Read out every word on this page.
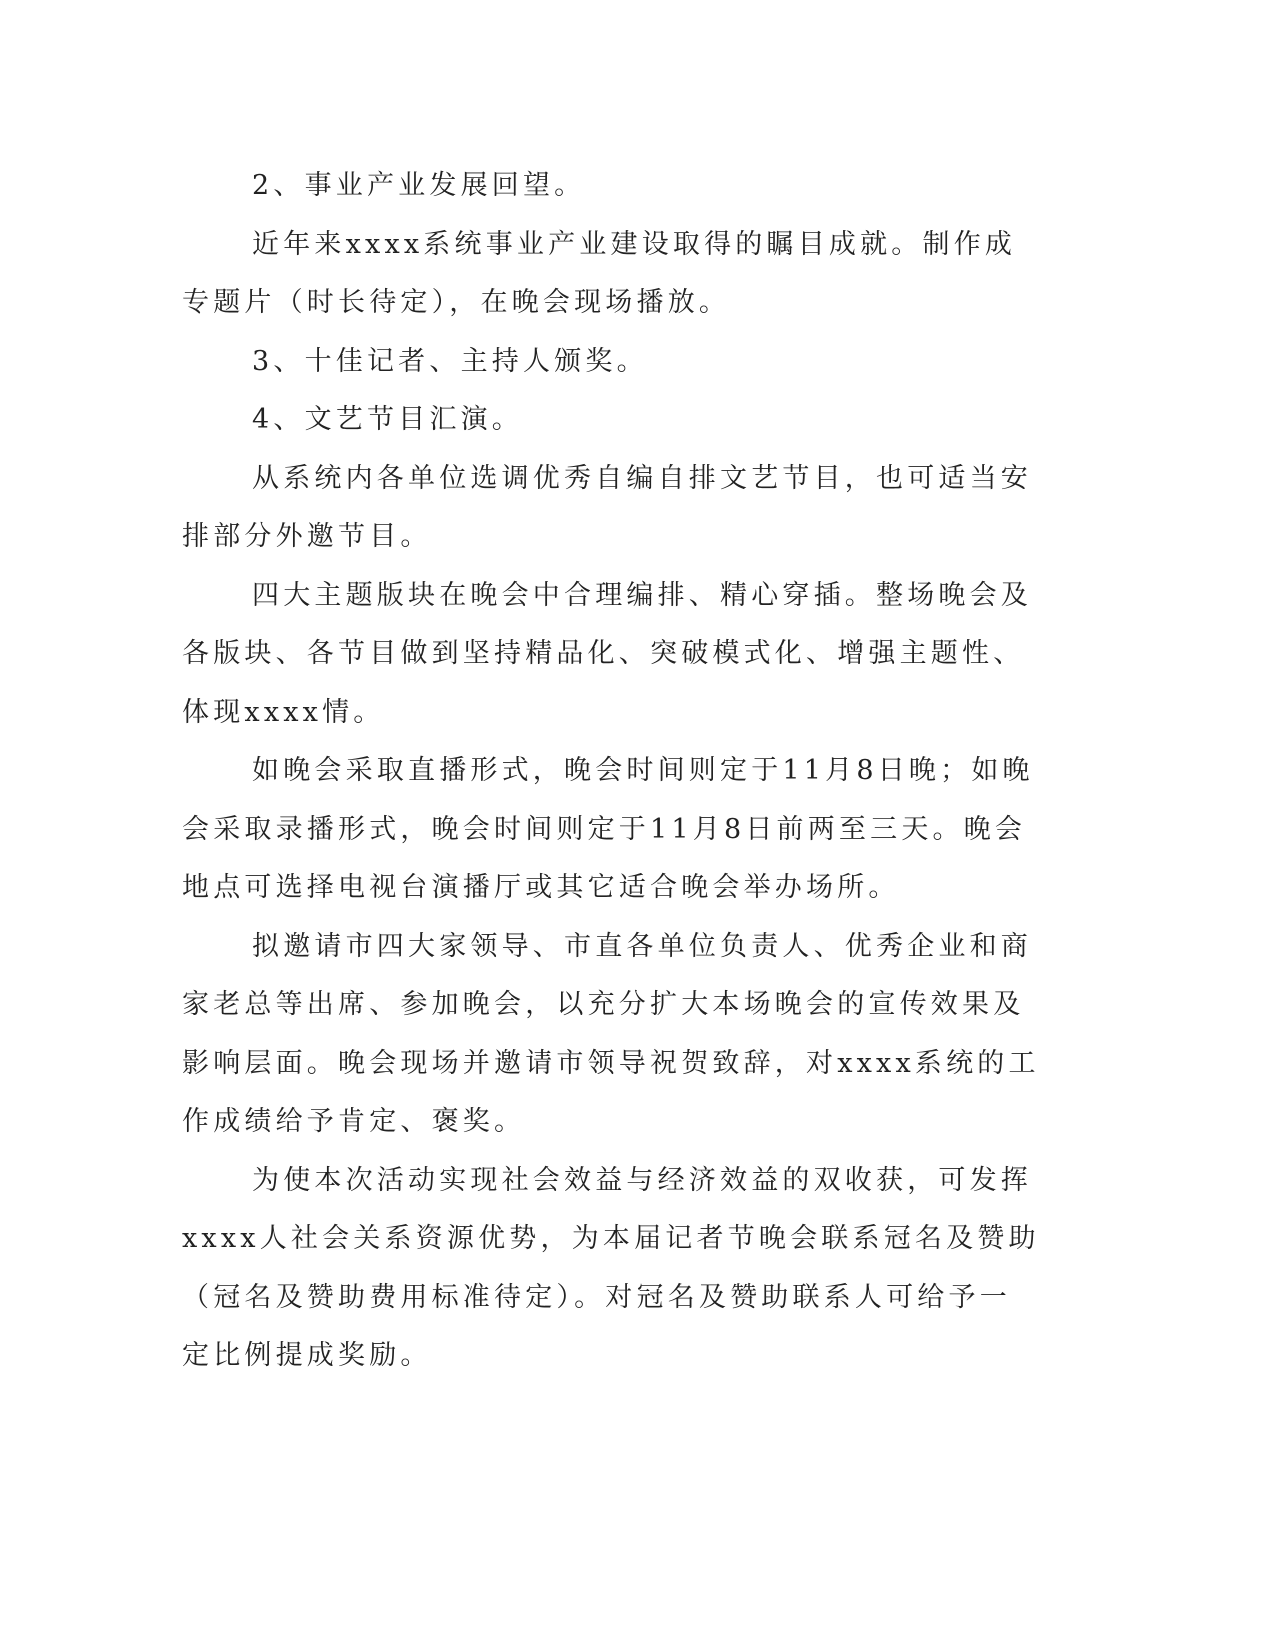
2、事业产业发展回望。

近年来xxxx系统事业产业建设取得的瞩目成就。制作成专题片（时长待定），在晚会现场播放。

3、十佳记者、主持人颁奖。

4、文艺节目汇演。

从系统内各单位选调优秀自编自排文艺节目，也可适当安排部分外邀节目。

四大主题版块在晚会中合理编排、精心穿插。整场晚会及各版块、各节目做到坚持精品化、突破模式化、增强主题性、体现xxxx情。

如晚会采取直播形式，晚会时间则定于11月8日晚；如晚会采取录播形式，晚会时间则定于11月8日前两至三天。晚会地点可选择电视台演播厅或其它适合晚会举办场所。

拟邀请市四大家领导、市直各单位负责人、优秀企业和商家老总等出席、参加晚会，以充分扩大本场晚会的宣传效果及影响层面。晚会现场并邀请市领导祝贺致辞，对xxxx系统的工作成绩给予肯定、褒奖。

为使本次活动实现社会效益与经济效益的双收获，可发挥xxxx人社会关系资源优势，为本届记者节晚会联系冠名及赞助（冠名及赞助费用标准待定）。对冠名及赞助联系人可给予一定比例提成奖励。
